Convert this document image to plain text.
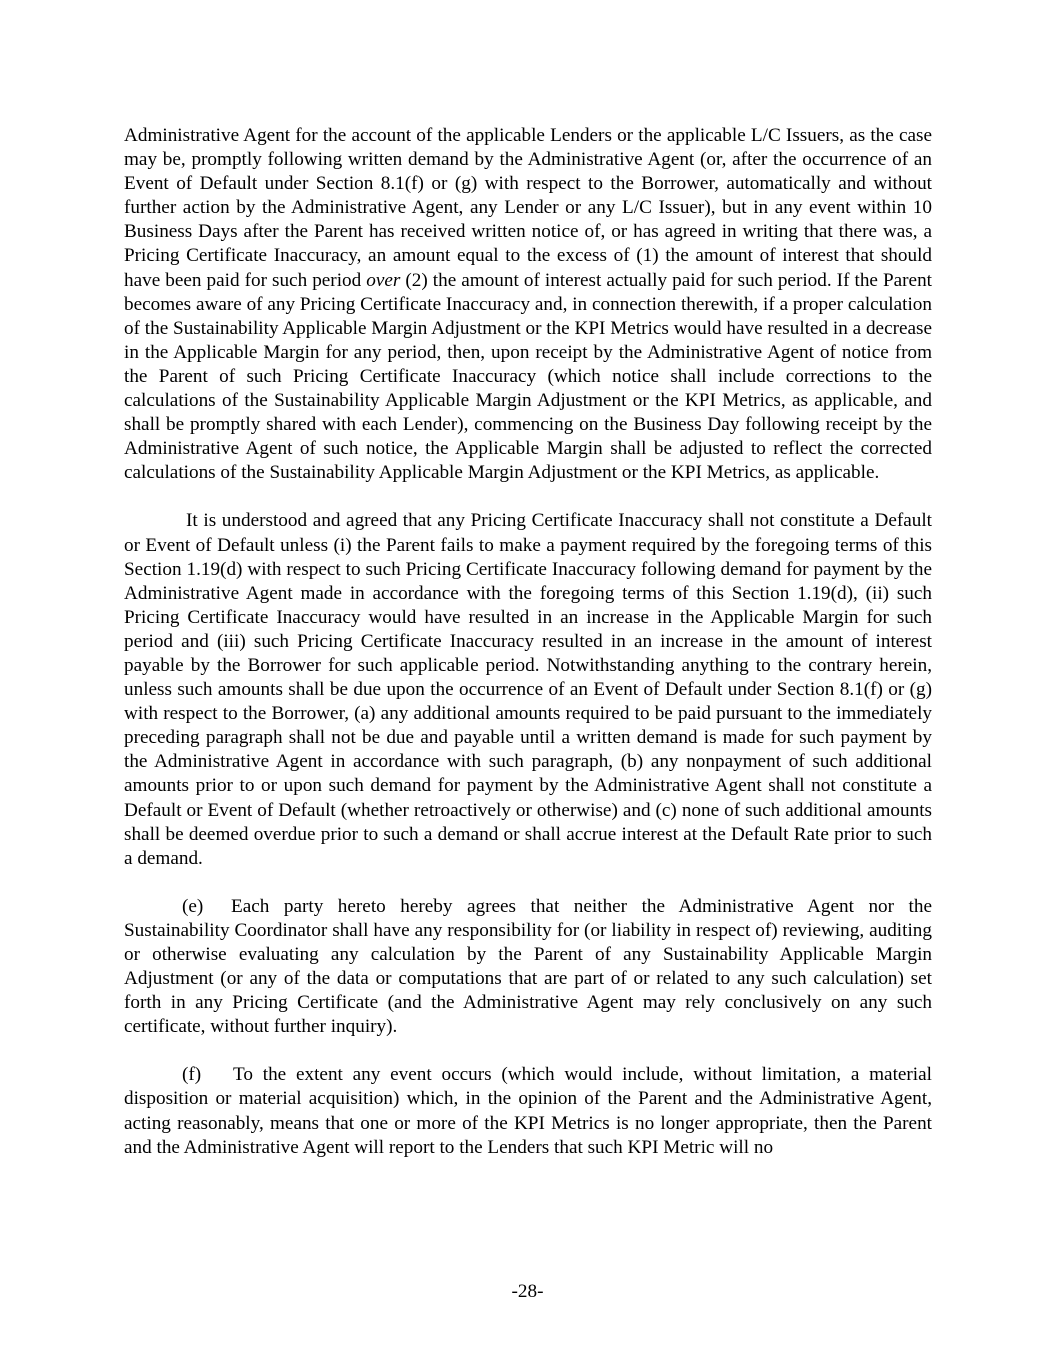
Administrative Agent for the account of the applicable Lenders or the applicable L/C Issuers, as the case may be, promptly following written demand by the Administrative Agent (or, after the occurrence of an Event of Default under Section 8.1(f) or (g) with respect to the Borrower, automatically and without further action by the Administrative Agent, any Lender or any L/C Issuer), but in any event within 10 Business Days after the Parent has received written notice of, or has agreed in writing that there was, a Pricing Certificate Inaccuracy, an amount equal to the excess of (1) the amount of interest that should have been paid for such period over (2) the amount of interest actually paid for such period. If the Parent becomes aware of any Pricing Certificate Inaccuracy and, in connection therewith, if a proper calculation of the Sustainability Applicable Margin Adjustment or the KPI Metrics would have resulted in a decrease in the Applicable Margin for any period, then, upon receipt by the Administrative Agent of notice from the Parent of such Pricing Certificate Inaccuracy (which notice shall include corrections to the calculations of the Sustainability Applicable Margin Adjustment or the KPI Metrics, as applicable, and shall be promptly shared with each Lender), commencing on the Business Day following receipt by the Administrative Agent of such notice, the Applicable Margin shall be adjusted to reflect the corrected calculations of the Sustainability Applicable Margin Adjustment or the KPI Metrics, as applicable.

It is understood and agreed that any Pricing Certificate Inaccuracy shall not constitute a Default or Event of Default unless (i) the Parent fails to make a payment required by the foregoing terms of this Section 1.19(d) with respect to such Pricing Certificate Inaccuracy following demand for payment by the Administrative Agent made in accordance with the foregoing terms of this Section 1.19(d), (ii) such Pricing Certificate Inaccuracy would have resulted in an increase in the Applicable Margin for such period and (iii) such Pricing Certificate Inaccuracy resulted in an increase in the amount of interest payable by the Borrower for such applicable period. Notwithstanding anything to the contrary herein, unless such amounts shall be due upon the occurrence of an Event of Default under Section 8.1(f) or (g) with respect to the Borrower, (a) any additional amounts required to be paid pursuant to the immediately preceding paragraph shall not be due and payable until a written demand is made for such payment by the Administrative Agent in accordance with such paragraph, (b) any nonpayment of such additional amounts prior to or upon such demand for payment by the Administrative Agent shall not constitute a Default or Event of Default (whether retroactively or otherwise) and (c) none of such additional amounts shall be deemed overdue prior to such a demand or shall accrue interest at the Default Rate prior to such a demand.

(e) Each party hereto hereby agrees that neither the Administrative Agent nor the Sustainability Coordinator shall have any responsibility for (or liability in respect of) reviewing, auditing or otherwise evaluating any calculation by the Parent of any Sustainability Applicable Margin Adjustment (or any of the data or computations that are part of or related to any such calculation) set forth in any Pricing Certificate (and the Administrative Agent may rely conclusively on any such certificate, without further inquiry).

(f) To the extent any event occurs (which would include, without limitation, a material disposition or material acquisition) which, in the opinion of the Parent and the Administrative Agent, acting reasonably, means that one or more of the KPI Metrics is no longer appropriate, then the Parent and the Administrative Agent will report to the Lenders that such KPI Metric will no

-28-
